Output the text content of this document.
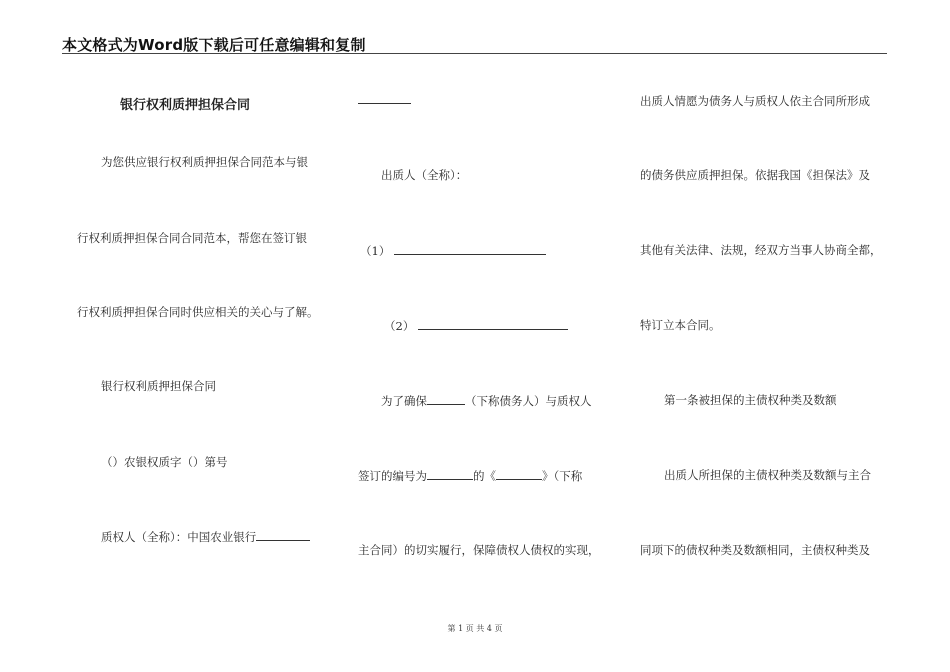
本文格式为Word版下载后可任意编辑和复制
银行权利质押担保合同
为您供应银行权利质押担保合同范本与银
行权利质押担保合同合同范本，帮您在签订银
行权利质押担保合同时供应相关的关心与了解。
银行权利质押担保合同
（）农银权质字（）第号
质权人（全称）：中国农业银行
出质人（全称）：
（1）
（2）
为了确保	（下称债务人）与质权人
签订的编号为	的《	》（下称
主合同）的切实履行，保障债权人债权的实现，
出质人情愿为债务人与质权人依主合同所形成
的债务供应质押担保。依据我国《担保法》及
其他有关法律、法规，经双方当事人协商全都，
特订立本合同。
第一条被担保的主债权种类及数额
出质人所担保的主债权种类及数额与主合
同项下的债权种类及数额相同，主债权种类及
第 1 页 共 4 页
